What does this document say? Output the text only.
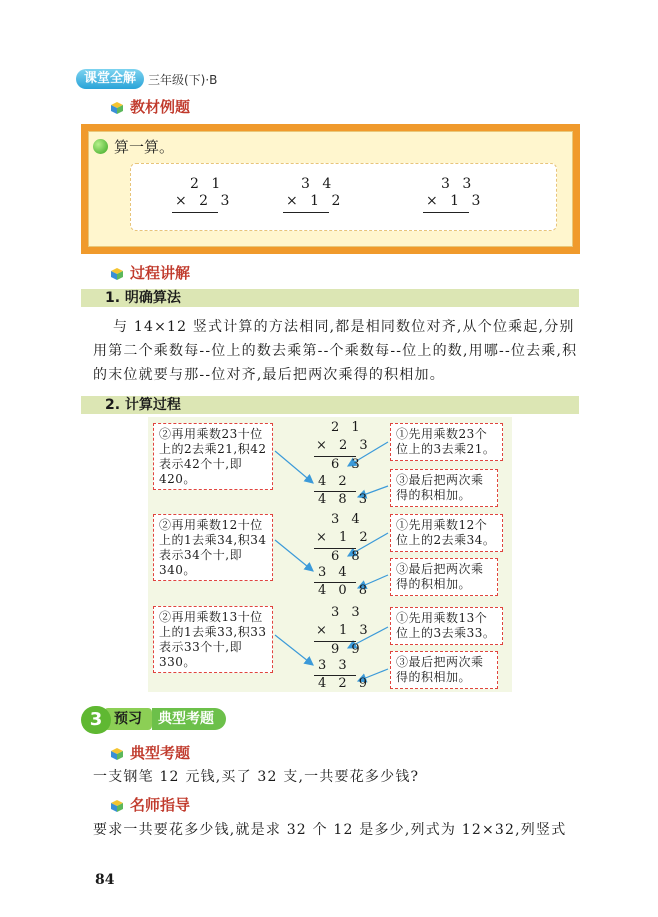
课堂全解 三年级(下)·B
教材例题
算一算。
2 1
× 2 3
3 4
× 1 2
3 3
× 1 3
过程讲解
1. 明确算法
与 14×12 竖式计算的方法相同,都是相同数位对齐,从个位乘起,分别用第二个乘数每--位上的数去乘第--个乘数每--位上的数,用哪--位去乘,积的末位就要与那--位对齐,最后把两次乘得的积相加。
2. 计算过程
②再用乘数23十位上的2去乘21,积42表示42个十,即420。
2 1
× 2 3
6 3
4 2
4 8 3
①先用乘数23个位上的3去乘21。
③最后把两次乘得的积相加。
②再用乘数12十位上的1去乘34,积34表示34个十,即340。
3 4
× 1 2
6 8
3 4
4 0 8
①先用乘数12个位上的2去乘34。
③最后把两次乘得的积相加。
②再用乘数13十位上的1去乘33,积33表示33个十,即330。
3 3
× 1 3
9 9
3 3
4 2 9
①先用乘数13个位上的3去乘33。
③最后把两次乘得的积相加。
典型考题
预习
3
典型考题
一支钢笔 12 元钱,买了 32 支,一共要花多少钱?
名师指导
要求一共要花多少钱,就是求 32 个 12 是多少,列式为 12×32,列竖式
84
